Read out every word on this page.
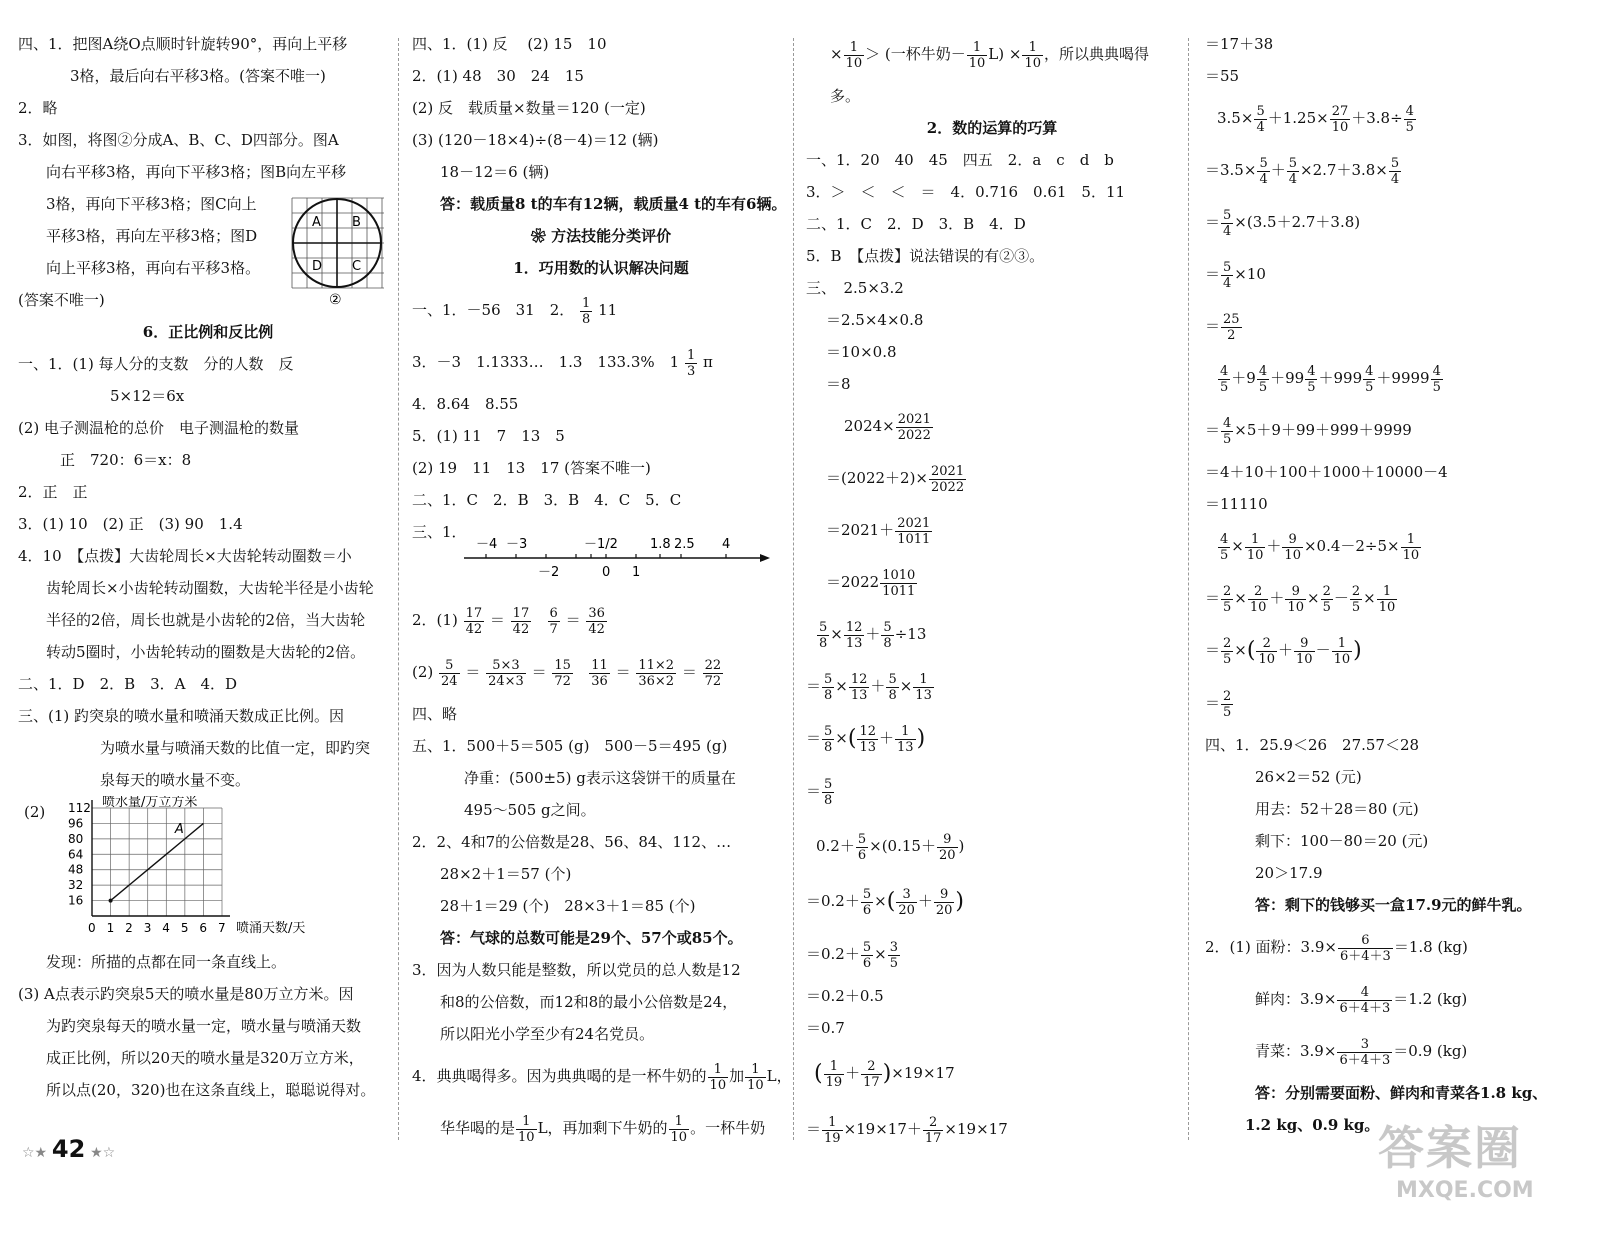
四、1．把图A绕O点顺时针旋转90°，再向上平移
3格，最后向右平移3格。(答案不唯一)
2．略
3．如图，将图②分成A、B、C、D四部分。图A
向右平移3格，再向下平移3格；图B向左平移
3格，再向下平移3格；图C向上
平移3格，再向左平移3格；图D
向上平移3格，再向右平移3格。
(答案不唯一)
A B
D C
②
6．正比例和反比例
一、1．(1) 每人分的支数　分的人数　反
5×12＝6x
(2) 电子测温枪的总价　电子测温枪的数量
正　720：6＝x：8
2．正　正
3．(1) 10　(2) 正　(3) 90　1.4
4．10　【点拨】大齿轮周长×大齿轮转动圈数＝小
齿轮周长×小齿轮转动圈数，大齿轮半径是小齿轮
半径的2倍，周长也就是小齿轮的2倍，当大齿轮
转动5圈时，小齿轮转动的圈数是大齿轮的2倍。
二、1．D　2．B　3．A　4．D
三、(1) 趵突泉的喷水量和喷涌天数成正比例。因
为喷水量与喷涌天数的比值一定，即趵突
泉每天的喷水量不变。
(2)
0 1 2 3 4 5 6 7
16
32
48
64
80
96
112 喷水量/万立方米
喷涌天数/天
A
发现：所描的点都在同一条直线上。
(3) A点表示趵突泉5天的喷水量是80万立方米。因
为趵突泉每天的喷水量一定，喷水量与喷涌天数
成正比例，所以20天的喷水量是320万立方米，
所以点(20，320)也在这条直线上，聪聪说得对。
四、1．(1) 反　 (2) 15　10
2．(1) 48　30　24　15
(2) 反　载质量×数量＝120 (一定)
(3) (120－18×4)÷(8－4)＝12 (辆)
18－12＝6 (辆)
答：载质量8 t的车有12辆，载质量4 t的车有6辆。
❀ 方法技能分类评价
1．巧用数的认识解决问题
一、1．－56　31　2． $\frac{1}{8} 11$
3．－3　1.1333…　1.3　133.3%　$1 \frac{1}{3}$ π
4．8.64　8.55
5．(1) 11　7　13　5
(2) 19　11　13　17 (答案不唯一)
二、1．C　2．B　3．B　4．C　5．C
三、1．
－4 －3	－1/2 1.8 2.5 4
－2	0 1
2．$(1) \frac{17}{42} = \frac{17}{42}$
$\frac{6}{7} = \frac{36}{42}$
$(2) \frac{5}{24} = \frac{5\times 3}{24\times 3} = \frac{15}{72}$
$\frac{11}{36} = \frac{11\times 2}{36\times 2} = \frac{22}{72}$
四、略
五、1．500＋5＝505 (g)　500－5＝495 (g)
净重：(500±5) g表示这袋饼干的质量在
495～505 g之间。
2．2、4和7的公倍数是28、56、84、112、…
28×2＋1＝57 (个)
28＋1＝29 (个)　28×3＋1＝85 (个)
答：气球的总数可能是29个、57个或85个。
3．因为人数只能是整数，所以党员的总人数是12
和8的公倍数，而12和8的最小公倍数是24，
所以阳光小学至少有24名党员。
4．典典喝得多。因为典典喝的是一杯牛奶的 $\frac{1}{10}$ 加 $\frac{1}{10}$ L，
华华喝的是 $\frac{1}{10}$ L，再加剩下牛奶的 $\frac{1}{10}$ 。一杯牛奶
× $\frac{1}{10}$ ＞ (一杯牛奶－ $\frac{1}{10} L) \times \frac{1}{10}$ ，所以典典喝得
多。
2．数的运算的巧算
一、1．20　40　45　四五　2．a　c　d　b
3．＞　＜　＜　＝　4．0.716　0.61　5．11
二、1．C　2．D　3．B　4．D
5．B　【点拨】说法错误的有②③。
三、　2.5×3.2
＝2.5×4×0.8
＝10×0.8
＝8
$2024\times \frac{2021}{2022}$
$=(2022+2)\times \frac{2021}{2022}$
$=2021+ \frac{2021}{1011}$
$=2022 \frac{1010}{1011}$
$\frac{5}{8} \times \frac{12}{13} + \frac{5}{8} \div 13$
＝ $\frac{5}{8} \times \frac{12}{13} + \frac{5}{8} \times \frac{1}{13}$
＝ $\frac{5}{8}$ ×( $\frac{12}{13} + \frac{1}{13}$ )
＝ $\frac{5}{8}$
$0.2+ \frac{5}{6} \times(0.15+ \frac{9}{20}$ )
$=0.2+ \frac{5}{6}$ ×( $\frac{3}{20} + \frac{9}{20}$ )
$=0.2+ \frac{5}{6} \times \frac{3}{5}$
＝0.2＋0.5
＝0.7
( $\frac{1}{19} + \frac{2}{17} )\times 19\times 17$
＝ $\frac{1}{19} \times 19\times 17+ \frac{2}{17} \times 19\times 17$
＝17＋38
＝55
$3.5\times \frac{5}{4} +1.25\times \frac{27}{10} +3.8\div \frac{4}{5}$
$=3.5\times \frac{5}{4} + \frac{5}{4} \times 2.7+3.8\times \frac{5}{4}$
＝ $\frac{5}{4} \times(3.5+2.7+3.8)$
＝ $\frac{5}{4} \times 10$
＝ $\frac{25}{2}$
$\frac{4}{5} +9 \frac{4}{5} +99 \frac{4}{5} +999 \frac{4}{5} +9999 \frac{4}{5}$
＝ $\frac{4}{5} \times 5+9+99+999+9999$
＝4＋10＋100＋1000＋10000－4
＝11110
$\frac{4}{5} \times \frac{1}{10} + \frac{9}{10} \times 0.4-2\div 5\times \frac{1}{10}$
＝ $\frac{2}{5} \times \frac{2}{10} + \frac{9}{10} \times \frac{2}{5} - \frac{2}{5} \times \frac{1}{10}$
＝ $\frac{2}{5}$ ×( $\frac{2}{10} + \frac{9}{10} - \frac{1}{10}$ )
＝ $\frac{2}{5}$
四、1．25.9＜26　27.57＜28
26×2＝52 (元)
用去：52＋28＝80 (元)
剩下：100－80＝20 (元)
20＞17.9
答：剩下的钱够买一盒17.9元的鲜牛乳。
2．(1) 面粉：$3.9\times \frac{6}{6+4+3} =1.8$ (kg)
鲜肉：$3.9\times \frac{4}{6+4+3} =1.2$ (kg)
青菜：$3.9\times \frac{3}{6+4+3} =0.9$ (kg)
答：分别需要面粉、鲜肉和青菜各1.8 kg、
1.2 kg、0.9 kg。
☆★ 42 ★☆	答案圈
MXQE.COM
